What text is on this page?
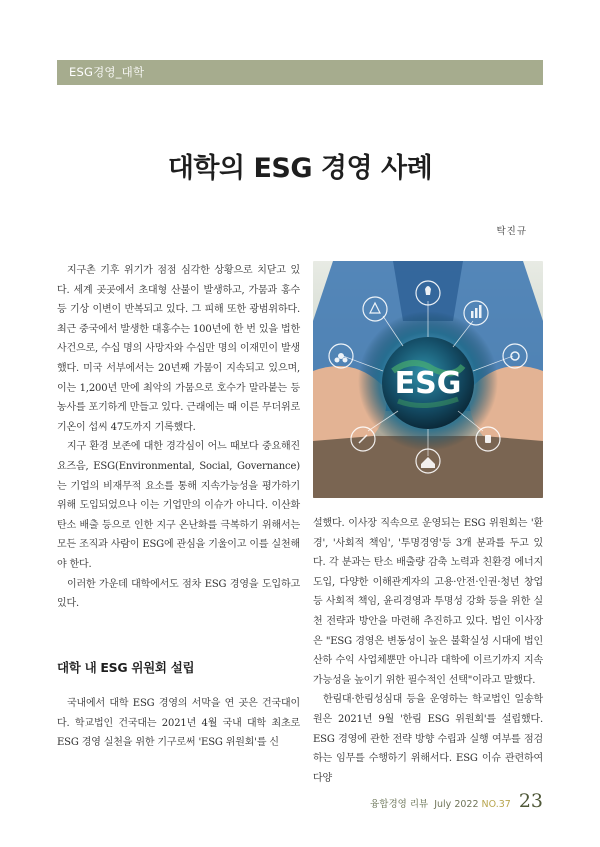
ESG경영_대학
대학의 ESG 경영 사례
탁진규

지구촌 기후 위기가 점점 심각한 상황으로 치닫고 있다. 세계 곳곳에서 초대형 산불이 발생하고, 가뭄과 홍수 등 기상 이변이 반복되고 있다. 그 피해 또한 광범위하다. 최근 중국에서 발생한 대홍수는 100년에 한 번 있을 법한 사건으로, 수십 명의 사망자와 수십만 명의 이재민이 발생했다. 미국 서부에서는 20년째 가뭄이 지속되고 있으며, 이는 1,200년 만에 최악의 가뭄으로 호수가 말라붙는 등 농사를 포기하게 만들고 있다. 근래에는 때 이른 무더위로 기온이 섭씨 47도까지 기록했다.

지구 환경 보존에 대한 경각심이 어느 때보다 중요해진 요즈음, ESG(Environmental, Social, Governance)는 기업의 비재무적 요소를 통해 지속가능성을 평가하기 위해 도입되었으나 이는 기업만의 이슈가 아니다. 이산화탄소 배출 등으로 인한 지구 온난화를 극복하기 위해서는 모든 조직과 사람이 ESG에 관심을 기울이고 이를 실천해야 한다.

이러한 가운데 대학에서도 점차 ESG 경영을 도입하고 있다.

대학 내 ESG 위원회 설립

국내에서 대학 ESG 경영의 서막을 연 곳은 건국대이다. 학교법인 건국대는 2021년 4월 국내 대학 최초로 ESG 경영 실천을 위한 기구로써 'ESG 위원회'를 신

ESG

설했다. 이사장 직속으로 운영되는 ESG 위원회는 '환경', '사회적 책임', '투명경영'등 3개 분과를 두고 있다. 각 분과는 탄소 배출량 감축 노력과 친환경 에너지 도입, 다양한 이해관계자의 고용·안전·인권·청년 창업 등 사회적 책임, 윤리경영과 투명성 강화 등을 위한 실천 전략과 방안을 마련해 추진하고 있다. 법인 이사장은 "ESG 경영은 변동성이 높은 불확실성 시대에 법인 산하 수익 사업체뿐만 아니라 대학에 이르기까지 지속가능성을 높이기 위한 필수적인 선택"이라고 말했다.

한림대·한림성심대 등을 운영하는 학교법인 일송학원은 2021년 9월 '한림 ESG 위원회'를 설립했다. ESG 경영에 관한 전략 방향 수립과 실행 여부를 점검하는 임무를 수행하기 위해서다. ESG 이슈 관련하여 다양

융합경영 리뷰 July 2022 NO.37 23
